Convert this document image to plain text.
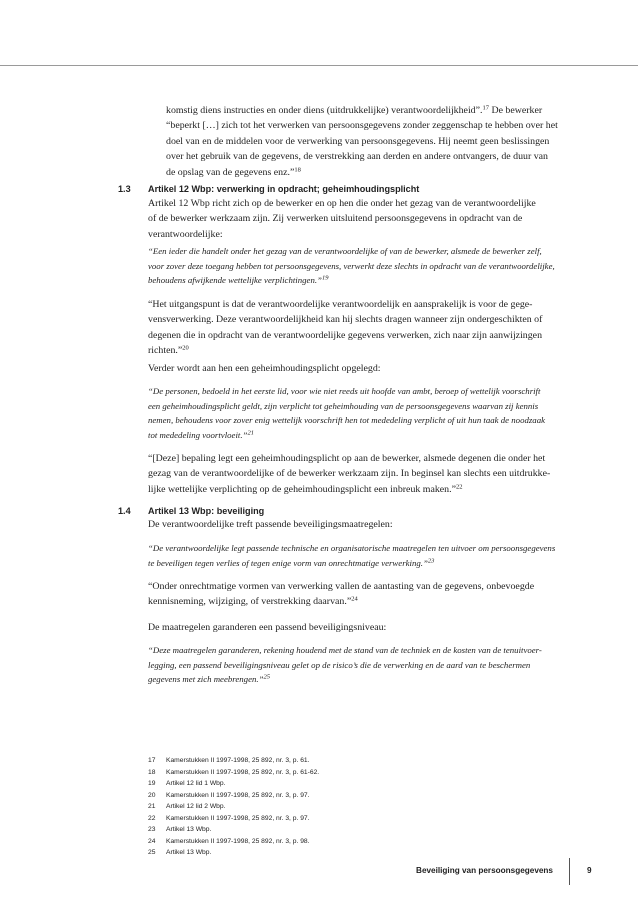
komstig diens instructies en onder diens (uitdrukkelijke) verantwoordelijkheid”.$^{17}$ De bewerker
“beperkt […] zich tot het verwerken van persoonsgegevens zonder zeggenschap te hebben over het
doel van en de middelen voor de verwerking van persoonsgegevens. Hij neemt geen beslissingen
over het gebruik van de gegevens, de verstrekking aan derden en andere ontvangers, de duur van
de opslag van de gegevens enz.”$^{18}$
1.3 Artikel 12 Wbp: verwerking in opdracht; geheimhoudingsplicht
Artikel 12 Wbp richt zich op de bewerker en op hen die onder het gezag van de verantwoordelijke
of de bewerker werkzaam zijn. Zij verwerken uitsluitend persoonsgegevens in opdracht van de
verantwoordelijke:
“Een ieder die handelt onder het gezag van de verantwoordelijke of van de bewerker, alsmede de bewerker zelf,
voor zover deze toegang hebben tot persoonsgegevens, verwerkt deze slechts in opdracht van de verantwoordelijke,
behoudens afwijkende wettelijke verplichtingen.”$^{19}$
“Het uitgangspunt is dat de verantwoordelijke verantwoordelijk en aansprakelijk is voor de gege-
vensverwerking. Deze verantwoordelijkheid kan hij slechts dragen wanneer zijn ondergeschikten of
degenen die in opdracht van de verantwoordelijke gegevens verwerken, zich naar zijn aanwijzingen
richten.”$^{20}$
Verder wordt aan hen een geheimhoudingsplicht opgelegd:
“De personen, bedoeld in het eerste lid, voor wie niet reeds uit hoofde van ambt, beroep of wettelijk voorschrift
een geheimhoudingsplicht geldt, zijn verplicht tot geheimhouding van de persoonsgegevens waarvan zij kennis
nemen, behoudens voor zover enig wettelijk voorschrift hen tot mededeling verplicht of uit hun taak de noodzaak
tot mededeling voortvloeit.”$^{21}$
“[Deze] bepaling legt een geheimhoudingsplicht op aan de bewerker, alsmede degenen die onder het
gezag van de verantwoordelijke of de bewerker werkzaam zijn. In beginsel kan slechts een uitdrukke-
lijke wettelijke verplichting op de geheimhoudingsplicht een inbreuk maken.”$^{22}$
1.4 Artikel 13 Wbp: beveiliging
De verantwoordelijke treft passende beveiligingsmaatregelen:
“De verantwoordelijke legt passende technische en organisatorische maatregelen ten uitvoer om persoonsgegevens
te beveiligen tegen verlies of tegen enige vorm van onrechtmatige verwerking.”$^{23}$
“Onder onrechtmatige vormen van verwerking vallen de aantasting van de gegevens, onbevoegde
kennisneming, wijziging, of verstrekking daarvan.”$^{24}$
De maatregelen garanderen een passend beveiligingsniveau:
“Deze maatregelen garanderen, rekening houdend met de stand van de techniek en de kosten van de tenuitvoer-
legging, een passend beveiligingsniveau gelet op de risico’s die de verwerking en de aard van te beschermen
gegevens met zich meebrengen.”$^{25}$
17	Kamerstukken II 1997-1998, 25 892, nr. 3, p. 61.
18	Kamerstukken II 1997-1998, 25 892, nr. 3, p. 61-62.
19	Artikel 12 lid 1 Wbp.
20	Kamerstukken II 1997-1998, 25 892, nr. 3, p. 97.
21	Artikel 12 lid 2 Wbp.
22	Kamerstukken II 1997-1998, 25 892, nr. 3, p. 97.
23	Artikel 13 Wbp.
24	Kamerstukken II 1997-1998, 25 892, nr. 3, p. 98.
25	Artikel 13 Wbp.
Beveiliging van persoonsgegevens	9
